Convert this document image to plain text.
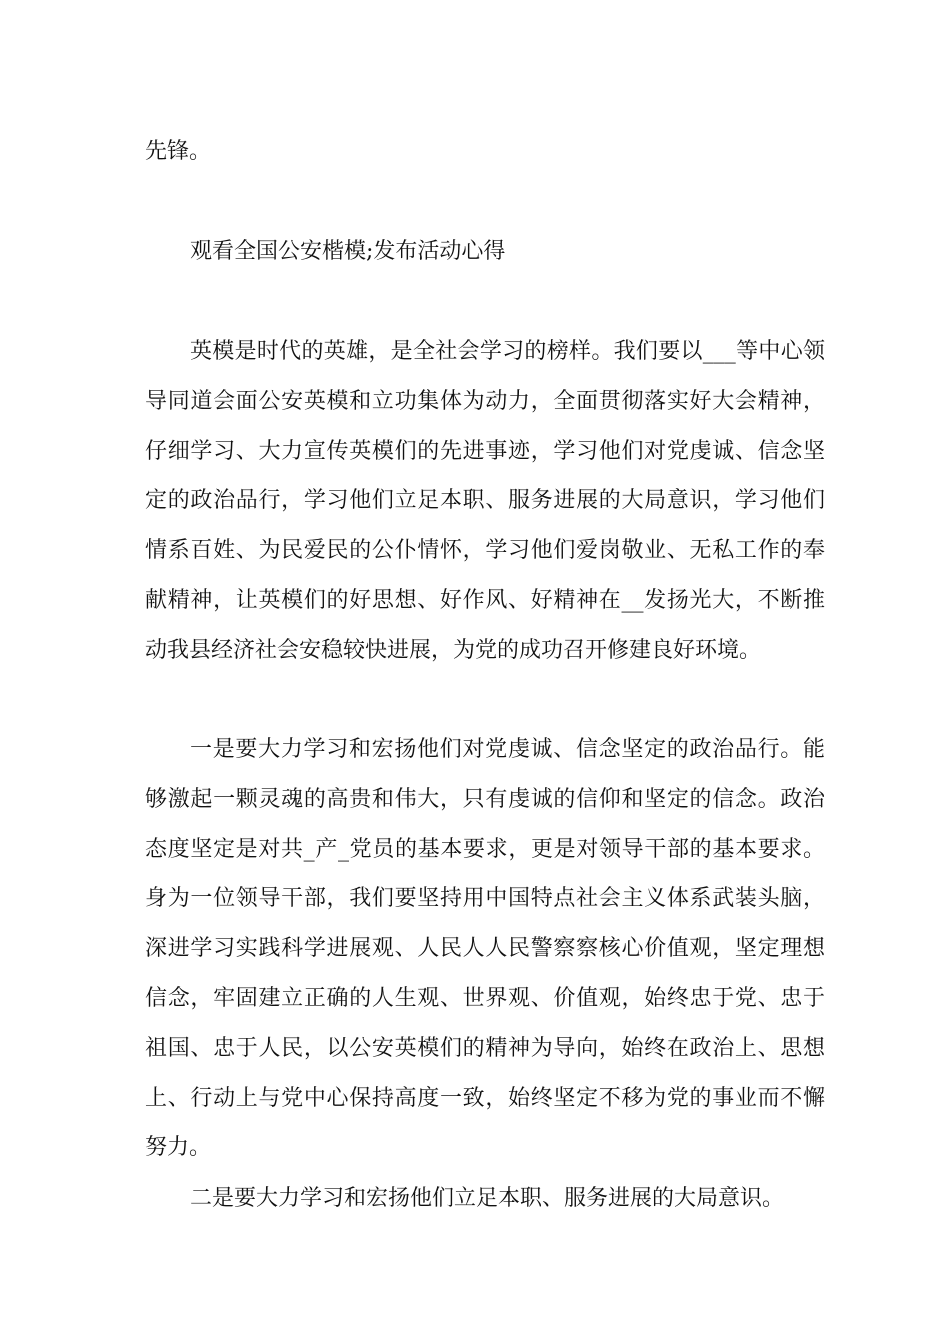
先锋。

观看全国公安楷模;发布活动心得

英模是时代的英雄，是全社会学习的榜样。我们要以___等中心领导同道会面公安英模和立功集体为动力，全面贯彻落实好大会精神，仔细学习、大力宣传英模们的先进事迹，学习他们对党虔诚、信念坚定的政治品行，学习他们立足本职、服务进展的大局意识，学习他们情系百姓、为民爱民的公仆情怀，学习他们爱岗敬业、无私工作的奉献精神，让英模们的好思想、好作风、好精神在__发扬光大，不断推动我县经济社会安稳较快进展，为党的成功召开修建良好环境。

一是要大力学习和宏扬他们对党虔诚、信念坚定的政治品行。能够激起一颗灵魂的高贵和伟大，只有虔诚的信仰和坚定的信念。政治态度坚定是对共_产_党员的基本要求，更是对领导干部的基本要求。身为一位领导干部，我们要坚持用中国特点社会主义体系武装头脑，深进学习实践科学进展观、人民人人民警察察核心价值观，坚定理想信念，牢固建立正确的人生观、世界观、价值观，始终忠于党、忠于祖国、忠于人民，以公安英模们的精神为导向，始终在政治上、思想上、行动上与党中心保持高度一致，始终坚定不移为党的事业而不懈努力。

二是要大力学习和宏扬他们立足本职、服务进展的大局意识。
